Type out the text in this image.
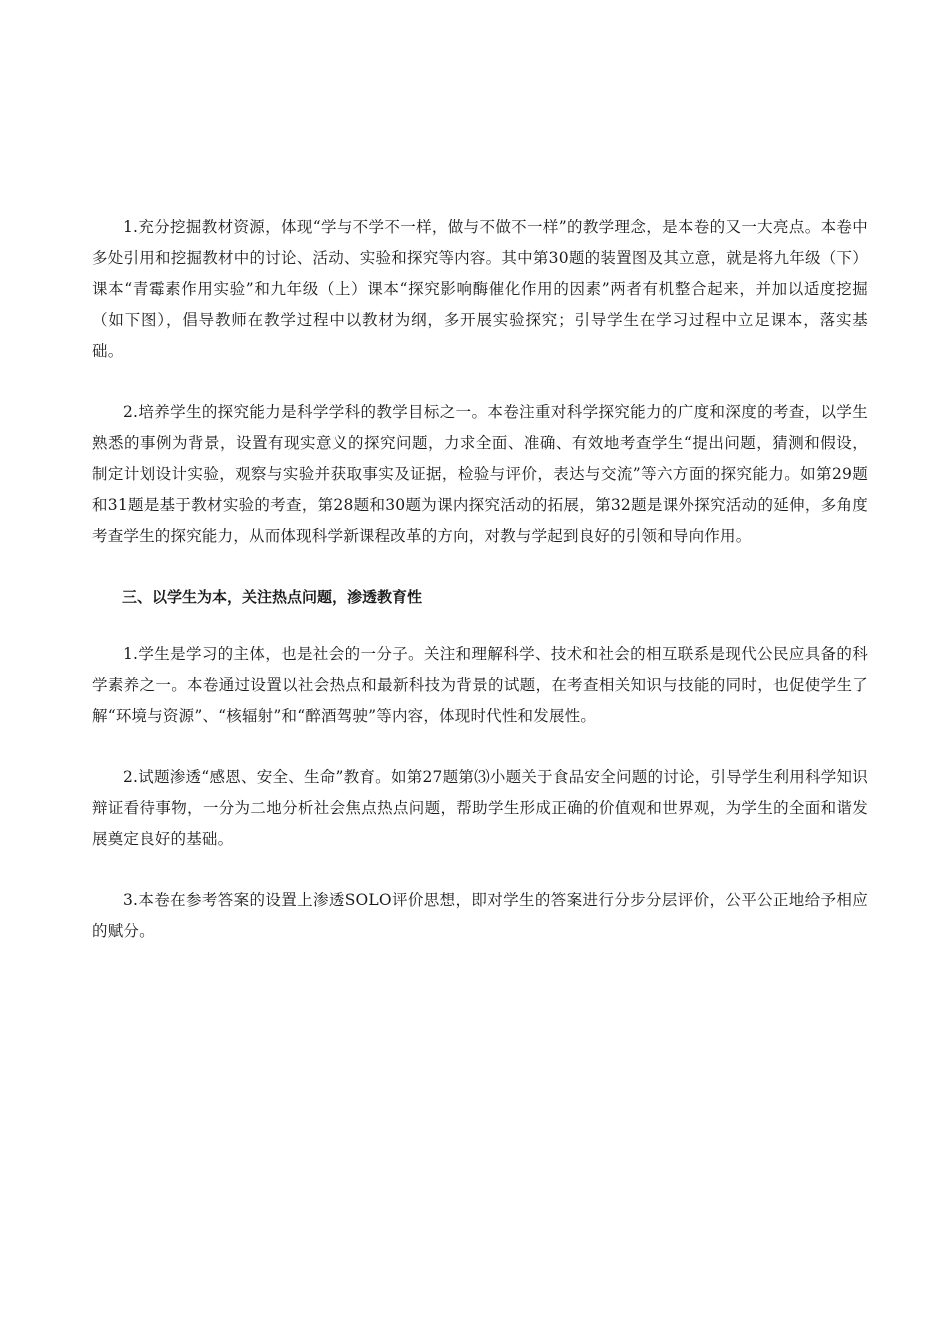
1.充分挖掘教材资源，体现“学与不学不一样，做与不做不一样”的教学理念，是本卷的又一大亮点。本卷中多处引用和挖掘教材中的讨论、活动、实验和探究等内容。其中第30题的装置图及其立意，就是将九年级（下）课本“青霉素作用实验”和九年级（上）课本“探究影响酶催化作用的因素”两者有机整合起来，并加以适度挖掘（如下图），倡导教师在教学过程中以教材为纲，多开展实验探究；引导学生在学习过程中立足课本，落实基础。

2.培养学生的探究能力是科学学科的教学目标之一。本卷注重对科学探究能力的广度和深度的考查，以学生熟悉的事例为背景，设置有现实意义的探究问题，力求全面、准确、有效地考查学生“提出问题，猜测和假设，制定计划设计实验，观察与实验并获取事实及证据，检验与评价，表达与交流”等六方面的探究能力。如第29题和31题是基于教材实验的考查，第28题和30题为课内探究活动的拓展，第32题是课外探究活动的延伸，多角度考查学生的探究能力，从而体现科学新课程改革的方向，对教与学起到良好的引领和导向作用。

三、以学生为本，关注热点问题，渗透教育性

1.学生是学习的主体，也是社会的一分子。关注和理解科学、技术和社会的相互联系是现代公民应具备的科学素养之一。本卷通过设置以社会热点和最新科技为背景的试题，在考查相关知识与技能的同时，也促使学生了解“环境与资源”、“核辐射”和“醉酒驾驶”等内容，体现时代性和发展性。

2.试题渗透“感恩、安全、生命”教育。如第27题第⑶小题关于食品安全问题的讨论，引导学生利用科学知识辩证看待事物，一分为二地分析社会焦点热点问题，帮助学生形成正确的价值观和世界观，为学生的全面和谐发展奠定良好的基础。

3.本卷在参考答案的设置上渗透SOLO评价思想，即对学生的答案进行分步分层评价，公平公正地给予相应的赋分。
